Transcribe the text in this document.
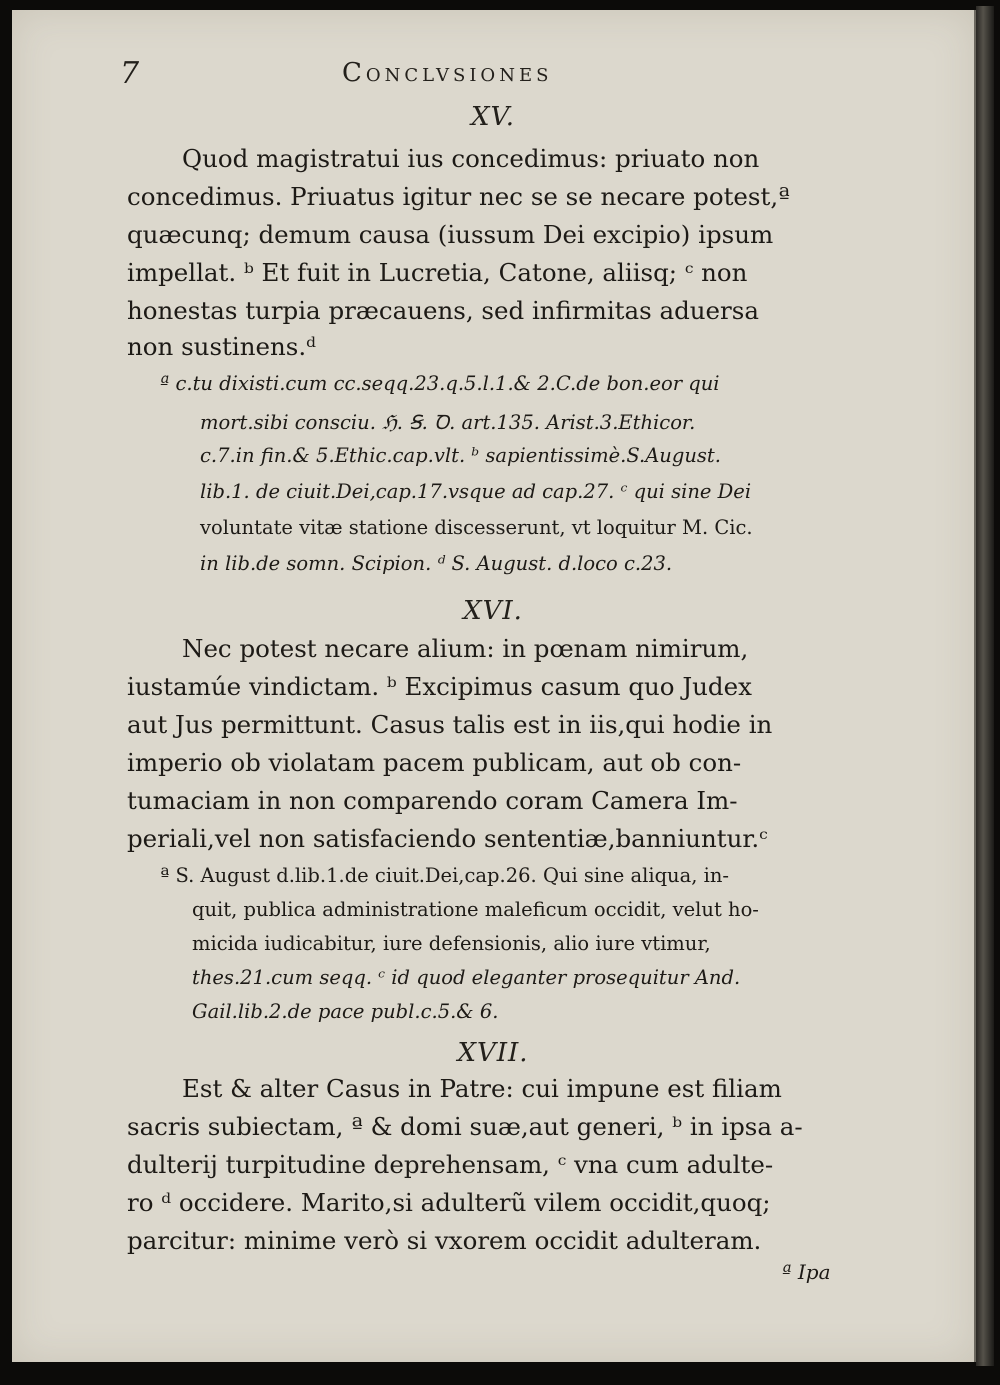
7	Conclvsiones
XV.
Quod magistratui ius concedimus: priuato non
concedimus. Priuatus igitur nec se se necare potest,ª
quæcunq; demum causa (iussum Dei excipio) ipsum
impellat. ᵇ Et fuit in Lucretia, Catone, aliisq; ᶜ non
honestas turpia præcauens, sed infirmitas aduersa
non sustinens.ᵈ
ª c.tu dixisti.cum cc.seqq.23.q.5.l.1.& 2.C.de bon.eor qui
mort.sibi consciu. ℌ. Ꞩ. Ꝺ. art.135. Arist.3.Ethicor.
c.7.in fin.& 5.Ethic.cap.vlt. ᵇ sapientissimè.S.August.
lib.1. de ciuit.Dei,cap.17.vsque ad cap.27. ᶜ qui sine Dei
voluntate vitæ statione discesserunt, vt loquitur M. Cic.
in lib.de somn. Scipion. ᵈ S. August. d.loco c.23.
XVI.
Nec potest necare alium: in pœnam nimirum,
iustamúe vindictam. ᵇ Excipimus casum quo Judex
aut Jus permittunt. Casus talis est in iis,qui hodie in
imperio ob violatam pacem publicam, aut ob con-
tumaciam in non comparendo coram Camera Im-
periali,vel non satisfaciendo sententiæ,banniuntur.ᶜ
ª S. August d.lib.1.de ciuit.Dei,cap.26. Qui sine aliqua, in-
quit, publica administratione maleficum occidit, velut ho-
micida iudicabitur, iure defensionis, alio iure vtimur,
thes.21.cum seqq. ᶜ id quod eleganter prosequitur And.
Gail.lib.2.de pace publ.c.5.& 6.
XVII.
Est & alter Casus in Patre: cui impune est filiam
sacris subiectam, ª & domi suæ,aut generi, ᵇ in ipsa a-
dulterij turpitudine deprehensam, ᶜ vna cum adulte-
ro ᵈ occidere. Marito,si adulterũ vilem occidit,quoq;
parcitur: minime verò si vxorem occidit adulteram.
ª Ipa
